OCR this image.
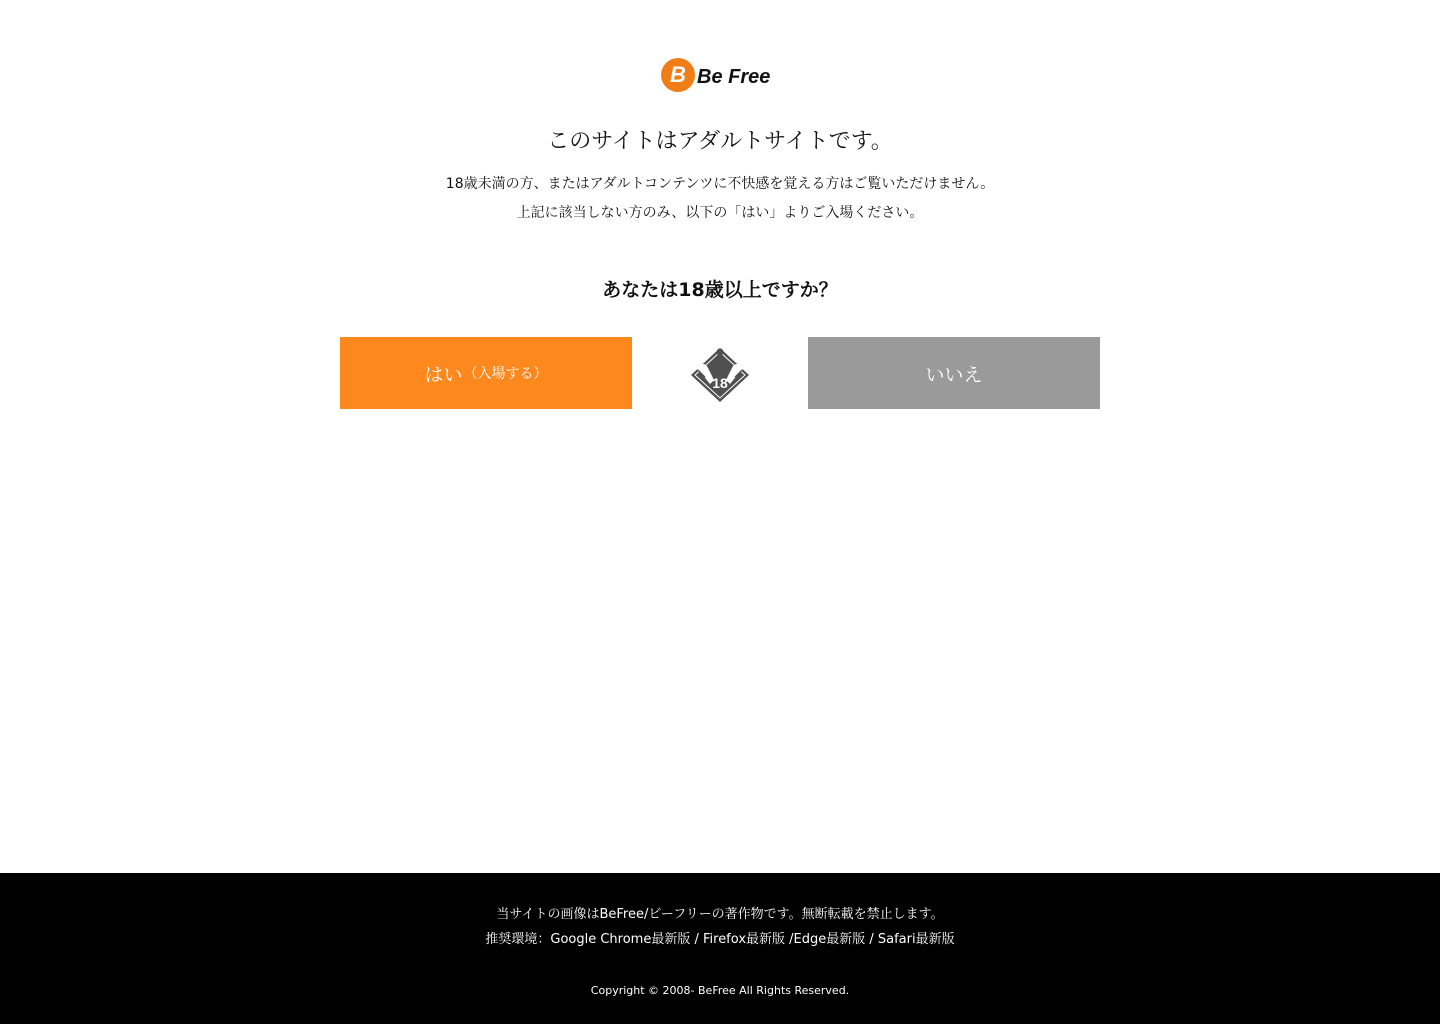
B Be Free
このサイトはアダルトサイトです。
18歳未満の方、またはアダルトコンテンツに不快感を覚える方はご覧いただけません。
上記に該当しない方のみ、以下の「はい」よりご入場ください。
あなたは18歳以上ですか？
はい （入場する）
18	いいえ
当サイトの画像はBeFree/ビーフリーの著作物です。無断転載を禁止します。
推奨環境：Google Chrome最新版 / Firefox最新版 /Edge最新版 / Safari最新版
Copyright © 2008- BeFree All Rights Reserved.
